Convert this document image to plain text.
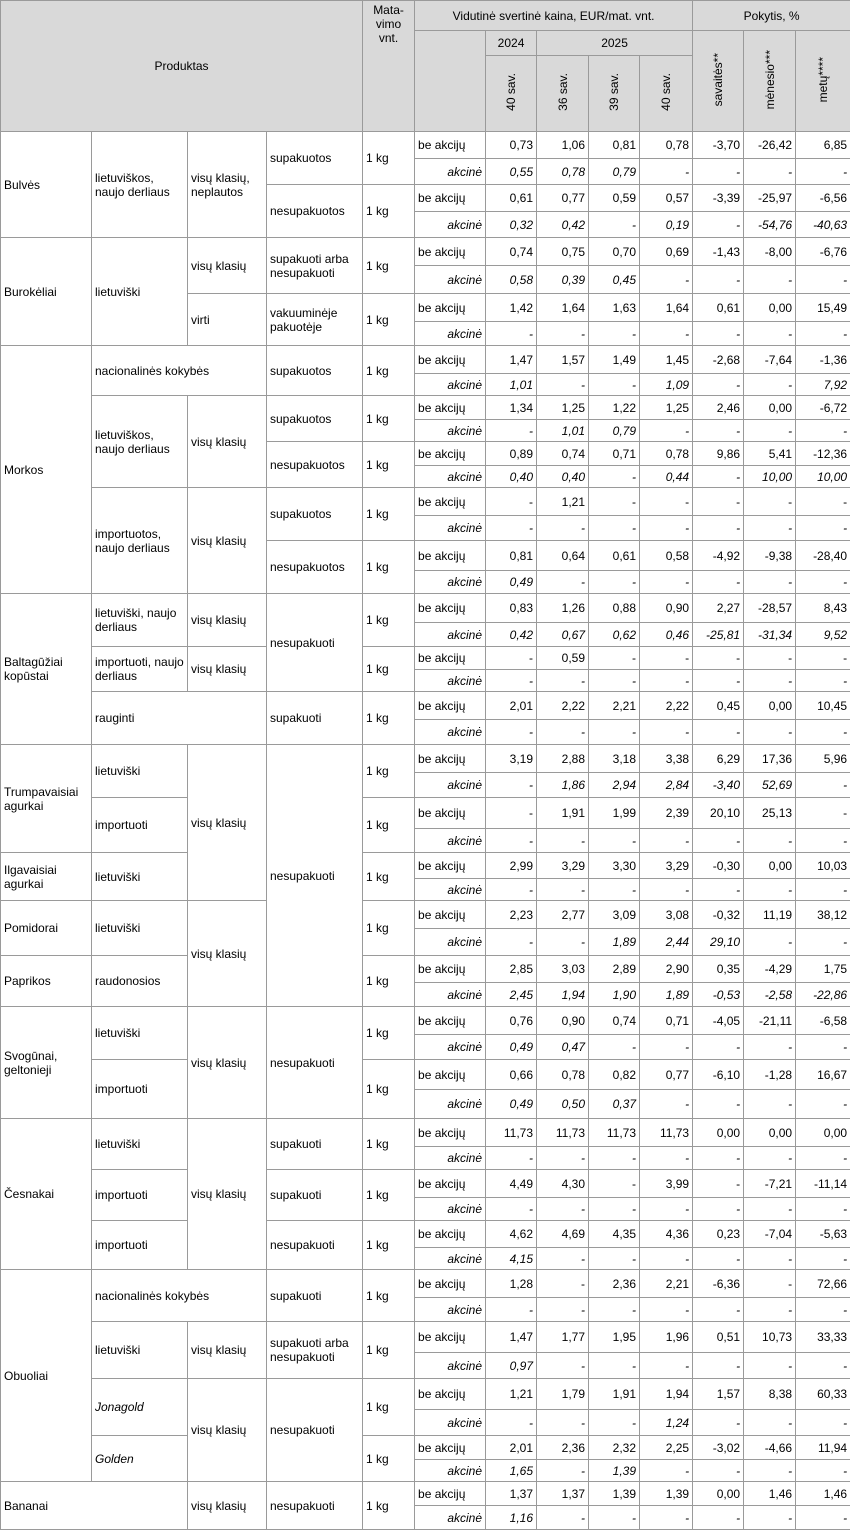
Produktas				Mata-vimo vnt.	Vidutinė svertinė kaina, EUR/mat. vnt.					Pokytis, %		
						2024	2025			savaitės**	mėnesio***	metų****
						40 sav.	36 sav.	39 sav.	40 sav.			
Bulvės	lietuviškos, naujo derliaus	visų klasių, neplautos	supakuotos	1 kg	be akcijų	0,73	1,06	0,81	0,78	-3,70	-26,42	6,85
					akcinė	0,55	0,78	0,79	-	-	-	-
			nesupakuotos	1 kg	be akcijų	0,61	0,77	0,59	0,57	-3,39	-25,97	-6,56
					akcinė	0,32	0,42	-	0,19	-	-54,76	-40,63
Burokėliai	lietuviški	visų klasių	supakuoti arba nesupakuoti	1 kg	be akcijų	0,74	0,75	0,70	0,69	-1,43	-8,00	-6,76
					akcinė	0,58	0,39	0,45	-	-	-	-
		virti	vakuuminėje pakuotėje	1 kg	be akcijų	1,42	1,64	1,63	1,64	0,61	0,00	15,49
					akcinė	-	-	-	-	-	-	-
Morkos	nacionalinės kokybės		supakuotos	1 kg	be akcijų	1,47	1,57	1,49	1,45	-2,68	-7,64	-1,36
					akcinė	1,01	-	-	1,09	-	-	7,92
	lietuviškos, naujo derliaus	visų klasių	supakuotos	1 kg	be akcijų	1,34	1,25	1,22	1,25	2,46	0,00	-6,72
					akcinė	-	1,01	0,79	-	-	-	-
			nesupakuotos	1 kg	be akcijų	0,89	0,74	0,71	0,78	9,86	5,41	-12,36
					akcinė	0,40	0,40	-	0,44	-	10,00	10,00
	importuotos, naujo derliaus	visų klasių	supakuotos	1 kg	be akcijų	-	1,21	-	-	-	-	-
					akcinė	-	-	-	-	-	-	-
			nesupakuotos	1 kg	be akcijų	0,81	0,64	0,61	0,58	-4,92	-9,38	-28,40
					akcinė	0,49	-	-	-	-	-	-
Baltagūžiai kopūstai	lietuviški, naujo derliaus	visų klasių	nesupakuoti	1 kg	be akcijų	0,83	1,26	0,88	0,90	2,27	-28,57	8,43
					akcinė	0,42	0,67	0,62	0,46	-25,81	-31,34	9,52
	importuoti, naujo derliaus	visų klasių		1 kg	be akcijų	-	0,59	-	-	-	-	-
					akcinė	-	-	-	-	-	-	-
	rauginti		supakuoti	1 kg	be akcijų	2,01	2,22	2,21	2,22	0,45	0,00	10,45
					akcinė	-	-	-	-	-	-	-
Trumpavaisiai agurkai	lietuviški	visų klasių	nesupakuoti	1 kg	be akcijų	3,19	2,88	3,18	3,38	6,29	17,36	5,96
					akcinė	-	1,86	2,94	2,84	-3,40	52,69	-
	importuoti			1 kg	be akcijų	-	1,91	1,99	2,39	20,10	25,13	-
					akcinė	-	-	-	-	-	-	-
Ilgavaisiai agurkai	lietuviški			1 kg	be akcijų	2,99	3,29	3,30	3,29	-0,30	0,00	10,03
					akcinė	-	-	-	-	-	-	-
Pomidorai	lietuviški	visų klasių		1 kg	be akcijų	2,23	2,77	3,09	3,08	-0,32	11,19	38,12
					akcinė	-	-	1,89	2,44	29,10	-	-
Paprikos	raudonosios			1 kg	be akcijų	2,85	3,03	2,89	2,90	0,35	-4,29	1,75
					akcinė	2,45	1,94	1,90	1,89	-0,53	-2,58	-22,86
Svogūnai, geltonieji	lietuviški	visų klasių	nesupakuoti	1 kg	be akcijų	0,76	0,90	0,74	0,71	-4,05	-21,11	-6,58
					akcinė	0,49	0,47	-	-	-	-	-
	importuoti			1 kg	be akcijų	0,66	0,78	0,82	0,77	-6,10	-1,28	16,67
					akcinė	0,49	0,50	0,37	-	-	-	-
Česnakai	lietuviški	visų klasių	supakuoti	1 kg	be akcijų	11,73	11,73	11,73	11,73	0,00	0,00	0,00
					akcinė	-	-	-	-	-	-	-
	importuoti		supakuoti	1 kg	be akcijų	4,49	4,30	-	3,99	-	-7,21	-11,14
					akcinė	-	-	-	-	-	-	-
	importuoti		nesupakuoti	1 kg	be akcijų	4,62	4,69	4,35	4,36	0,23	-7,04	-5,63
					akcinė	4,15	-	-	-	-	-	-
Obuoliai	nacionalinės kokybės		supakuoti	1 kg	be akcijų	1,28	-	2,36	2,21	-6,36	-	72,66
					akcinė	-	-	-	-	-	-	-
	lietuviški	visų klasių	supakuoti arba nesupakuoti	1 kg	be akcijų	1,47	1,77	1,95	1,96	0,51	10,73	33,33
					akcinė	0,97	-	-	-	-	-	-
	Jonagold	visų klasių	nesupakuoti	1 kg	be akcijų	1,21	1,79	1,91	1,94	1,57	8,38	60,33
					akcinė	-	-	-	1,24	-	-	-
	Golden			1 kg	be akcijų	2,01	2,36	2,32	2,25	-3,02	-4,66	11,94
					akcinė	1,65	-	1,39	-	-	-	-
Bananai		visų klasių	nesupakuoti	1 kg	be akcijų	1,37	1,37	1,39	1,39	0,00	1,46	1,46
					akcinė	1,16	-	-	-	-	-	-
